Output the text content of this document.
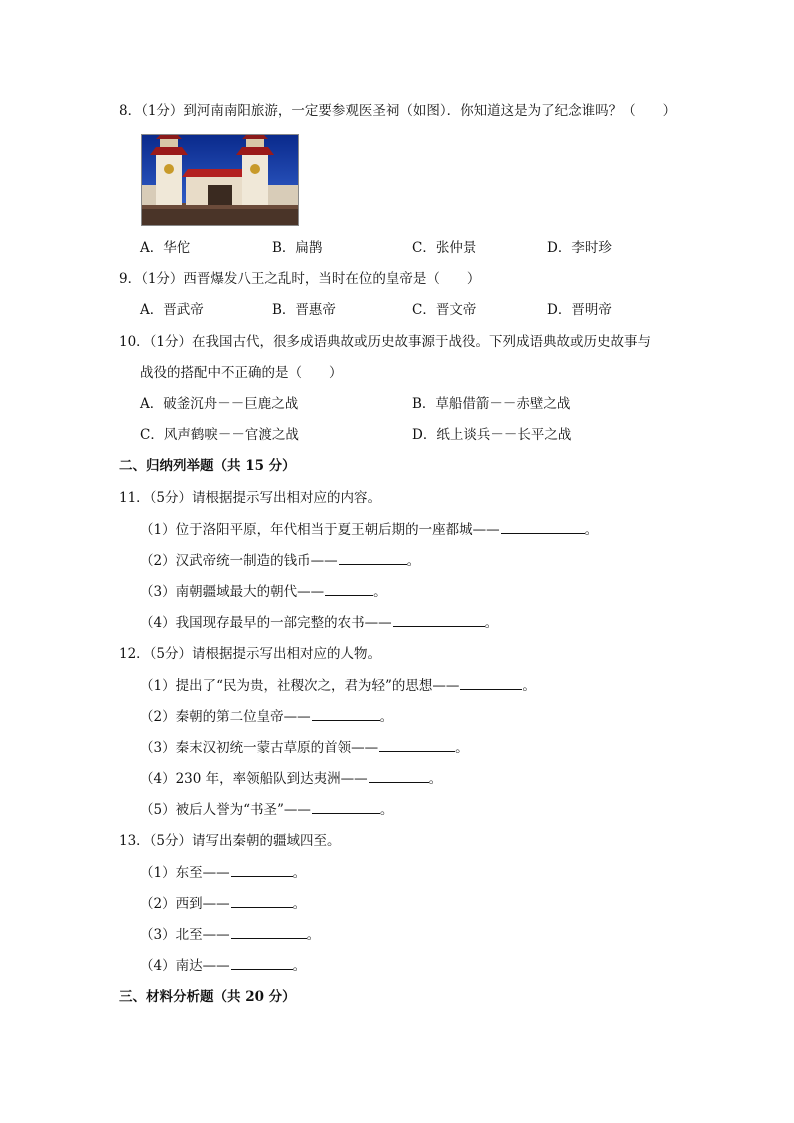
8．（1分）到河南南阳旅游，一定要参观医圣祠（如图）．你知道这是为了纪念谁吗？（　　）
A．华佗	B．扁鹊	C．张仲景	D．李时珍
9．（1分）西晋爆发八王之乱时，当时在位的皇帝是（　　）
A．晋武帝	B．晋惠帝	C．晋文帝	D．晋明帝
10．（1分）在我国古代，很多成语典故或历史故事源于战役。下列成语典故或历史故事与
战役的搭配中不正确的是（　　）
A．破釜沉舟－－巨鹿之战	B．草船借箭－－赤壁之战
C．风声鹤唳－－官渡之战	D．纸上谈兵－－长平之战
二、归纳列举题（共 15 分）
11．（5分）请根据提示写出相对应的内容。
（1）位于洛阳平原，年代相当于夏王朝后期的一座都城——	。
（2）汉武帝统一制造的钱币——	。
（3）南朝疆域最大的朝代——	。
（4）我国现存最早的一部完整的农书——	。
12．（5分）请根据提示写出相对应的人物。
（1）提出了“民为贵，社稷次之，君为轻”的思想——	。
（2）秦朝的第二位皇帝——	。
（3）秦末汉初统一蒙古草原的首领——	。
（4）230 年，率领船队到达夷洲——	。
（5）被后人誉为“书圣”——	。
13．（5分）请写出秦朝的疆域四至。
（1）东至——	。
（2）西到——	。
（3）北至——	。
（4）南达——	。
三、材料分析题（共 20 分）
